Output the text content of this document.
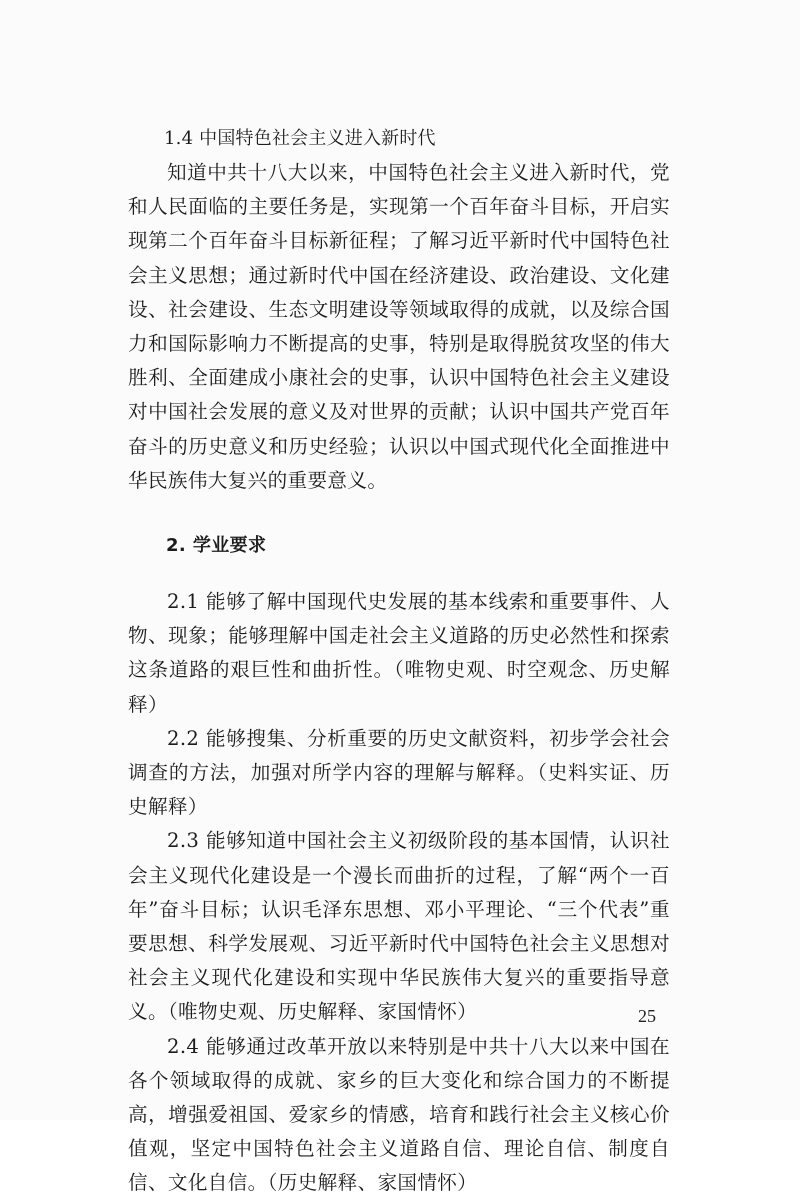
1.4 中国特色社会主义进入新时代

知道中共十八大以来，中国特色社会主义进入新时代，党和人民面临的主要任务是，实现第一个百年奋斗目标，开启实现第二个百年奋斗目标新征程；了解习近平新时代中国特色社会主义思想；通过新时代中国在经济建设、政治建设、文化建设、社会建设、生态文明建设等领域取得的成就，以及综合国力和国际影响力不断提高的史事，特别是取得脱贫攻坚的伟大胜利、全面建成小康社会的史事，认识中国特色社会主义建设对中国社会发展的意义及对世界的贡献；认识中国共产党百年奋斗的历史意义和历史经验；认识以中国式现代化全面推进中华民族伟大复兴的重要意义。

2. 学业要求

2.1 能够了解中国现代史发展的基本线索和重要事件、人物、现象；能够理解中国走社会主义道路的历史必然性和探索这条道路的艰巨性和曲折性。（唯物史观、时空观念、历史解释）

2.2 能够搜集、分析重要的历史文献资料，初步学会社会调查的方法，加强对所学内容的理解与解释。（史料实证、历史解释）

2.3 能够知道中国社会主义初级阶段的基本国情，认识社会主义现代化建设是一个漫长而曲折的过程，了解“两个一百年”奋斗目标；认识毛泽东思想、邓小平理论、“三个代表”重要思想、科学发展观、习近平新时代中国特色社会主义思想对社会主义现代化建设和实现中华民族伟大复兴的重要指导意义。（唯物史观、历史解释、家国情怀）

2.4 能够通过改革开放以来特别是中共十八大以来中国在各个领域取得的成就、家乡的巨大变化和综合国力的不断提高，增强爱祖国、爱家乡的情感，培育和践行社会主义核心价值观，坚定中国特色社会主义道路自信、理论自信、制度自信、文化自信。（历史解释、家国情怀）

25
